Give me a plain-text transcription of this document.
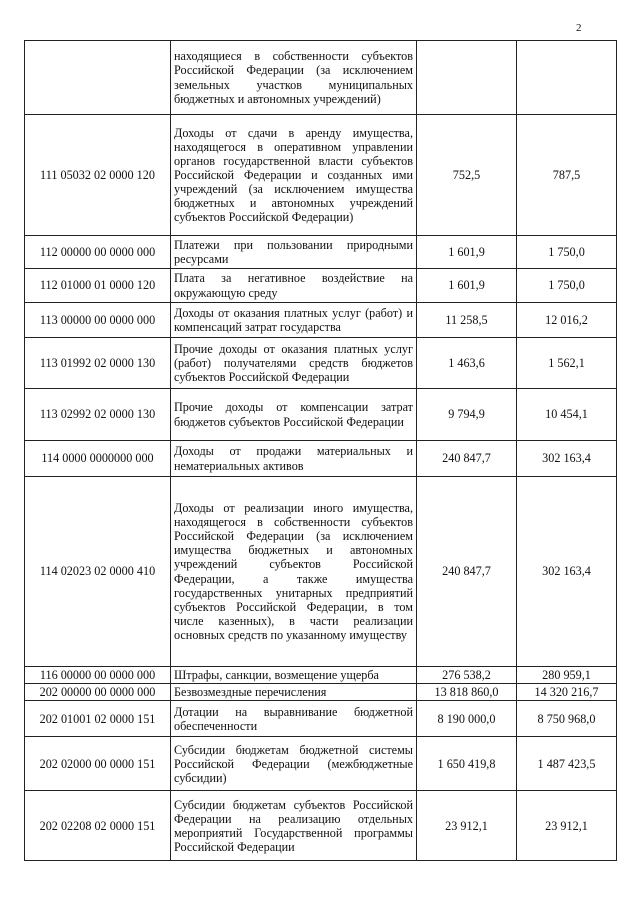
2
	находящиеся в собственности субъектов Российской Федерации (за исключением земельных участков муниципальных бюджетных и автономных учреждений)		
111 05032 02 0000 120	Доходы от сдачи в аренду имущества, находящегося в оперативном управлении органов государственной власти субъектов Российской Федерации и созданных ими учреждений (за исключением имущества бюджетных и автономных учреждений субъектов Российской Федерации)	752,5	787,5
112 00000 00 0000 000	Платежи при пользовании природными ресурсами	1 601,9	1 750,0
112 01000 01 0000 120	Плата за негативное воздействие на окружающую среду	1 601,9	1 750,0
113 00000 00 0000 000	Доходы от оказания платных услуг (работ) и компенсаций затрат государства	11 258,5	12 016,2
113 01992 02 0000 130	Прочие доходы от оказания платных услуг (работ) получателями средств бюджетов субъектов Российской Федерации	1 463,6	1 562,1
113 02992 02 0000 130	Прочие доходы от компенсации затрат бюджетов субъектов Российской Федерации	9 794,9	10 454,1
114 0000 0000000 000	Доходы от продажи материальных и нематериальных активов	240 847,7	302 163,4
114 02023 02 0000 410	Доходы от реализации иного имущества, находящегося в собственности субъектов Российской Федерации (за исключением имущества бюджетных и автономных учреждений субъектов Российской Федерации, а также имущества государственных унитарных предприятий субъектов Российской Федерации, в том числе казенных), в части реализации основных средств по указанному имуществу	240 847,7	302 163,4
116 00000 00 0000 000	Штрафы, санкции, возмещение ущерба	276 538,2	280 959,1
202 00000 00 0000 000	Безвозмездные перечисления	13 818 860,0	14 320 216,7
202 01001 02 0000 151	Дотации на выравнивание бюджетной обеспеченности	8 190 000,0	8 750 968,0
202 02000 00 0000 151	Субсидии бюджетам бюджетной системы Российской Федерации (межбюджетные субсидии)	1 650 419,8	1 487 423,5
202 02208 02 0000 151	Субсидии бюджетам субъектов Российской Федерации на реализацию отдельных мероприятий Государственной программы Российской Федерации	23 912,1	23 912,1
